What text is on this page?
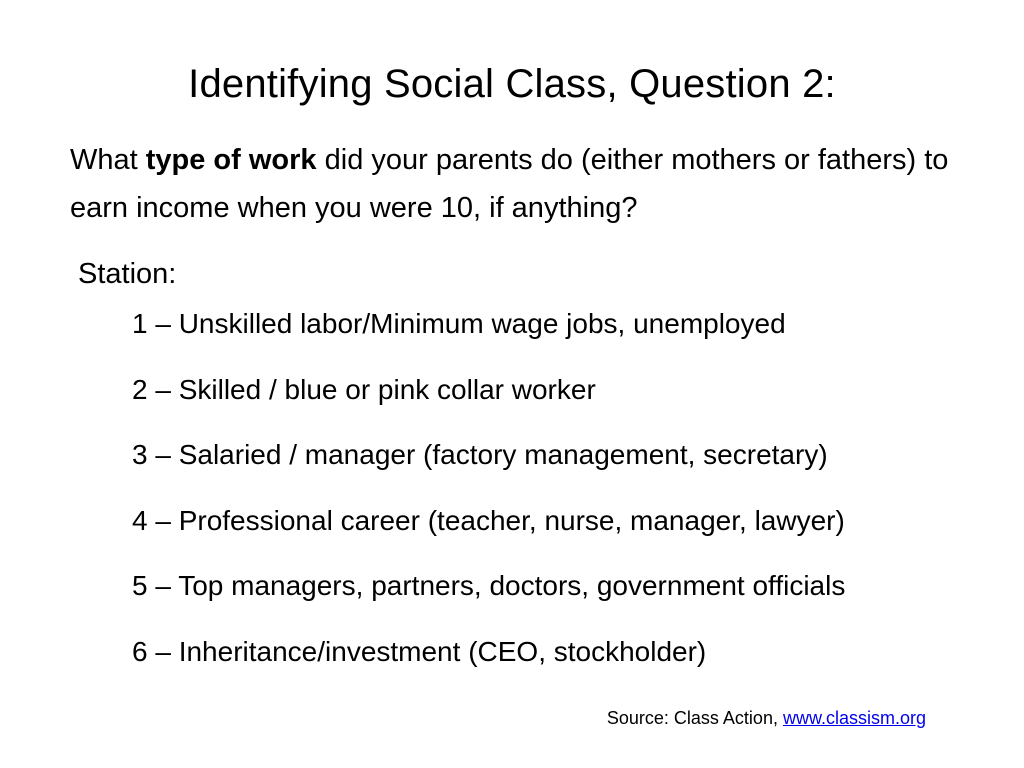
Identifying Social Class, Question 2:
What type of work did your parents do (either mothers or fathers) to earn income when you were 10, if anything?
Station:
1 – Unskilled labor/Minimum wage jobs, unemployed
2 – Skilled / blue or pink collar worker
3 – Salaried / manager (factory management, secretary)
4 – Professional career (teacher, nurse, manager, lawyer)
5 – Top managers, partners, doctors, government officials
6 – Inheritance/investment (CEO, stockholder)
Source: Class Action, www.classism.org
